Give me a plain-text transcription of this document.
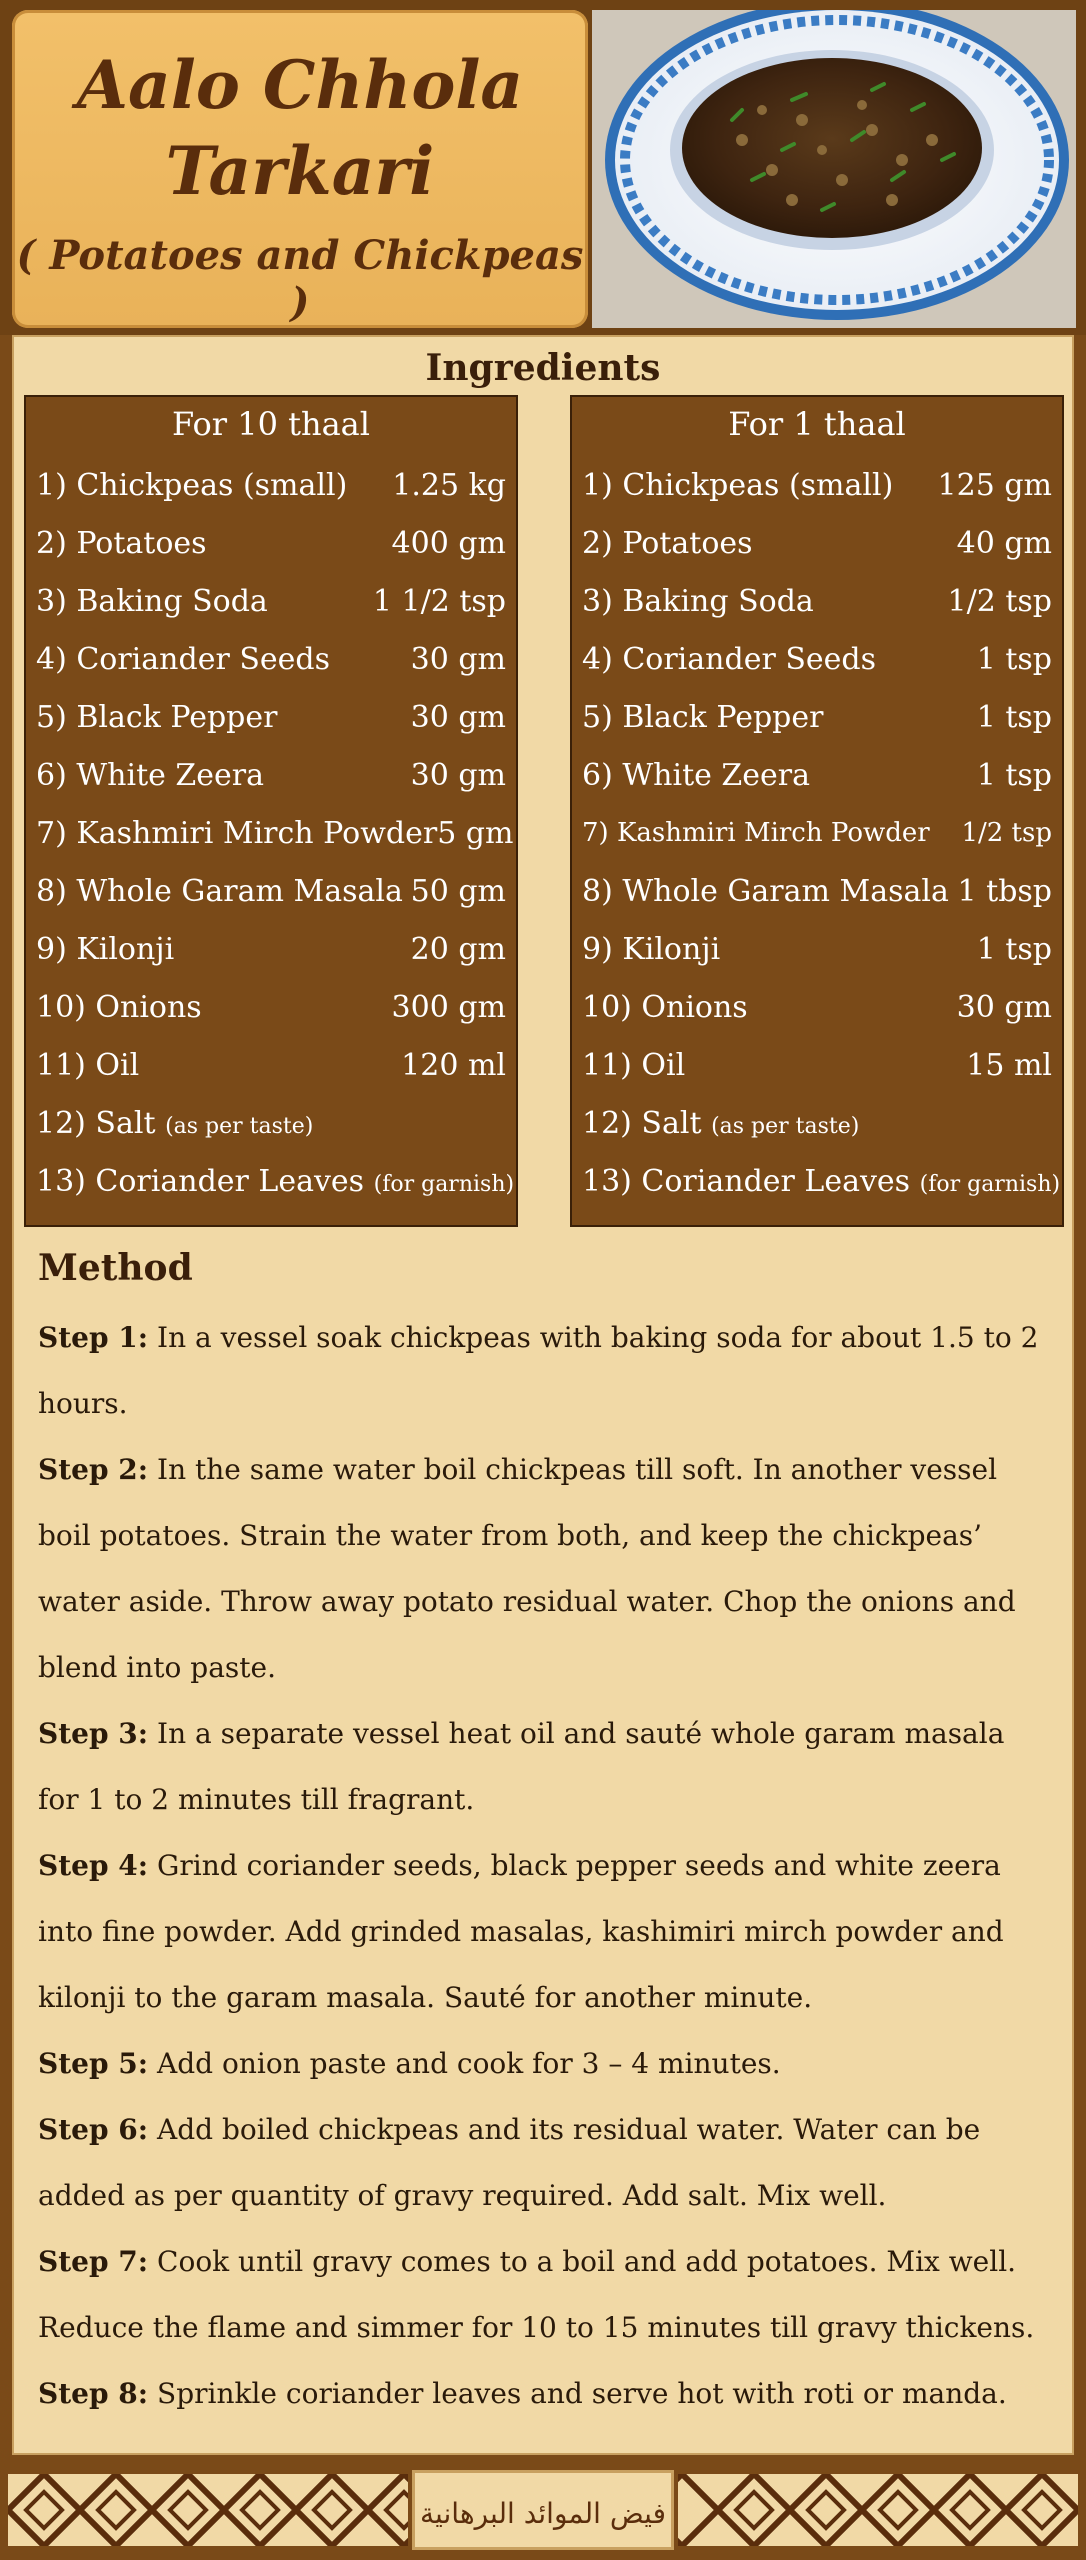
Aalo Chhola
Tarkari
( Potatoes and Chickpeas )
Ingredients
For 10 thaal
1) Chickpeas (small) 1.25 kg
2) Potatoes	400 gm
3) Baking Soda	1 1/2 tsp
4) Coriander Seeds	30 gm
5) Black Pepper	30 gm
6) White Zeera	30 gm
7) Kashmiri Mirch Powder 5 gm
8) Whole Garam Masala 50 gm
9) Kilonji	20 gm
10) Onions	300 gm
11) Oil	120 ml
12) Salt (as per taste)
13) Coriander Leaves (for garnish)
For 1 thaal
1) Chickpeas (small) 125 gm
2) Potatoes	40 gm
3) Baking Soda	1/2 tsp
4) Coriander Seeds	1 tsp
5) Black Pepper	1 tsp
6) White Zeera	1 tsp
7) Kashmiri Mirch Powder 1/2 tsp
8) Whole Garam Masala 1 tbsp
9) Kilonji	1 tsp
10) Onions	30 gm
11) Oil	15 ml
12) Salt (as per taste)
13) Coriander Leaves (for garnish)
Method

Step 1: In a vessel soak chickpeas with baking soda for about 1.5 to 2 hours.

Step 2: In the same water boil chickpeas till soft. In another vessel boil potatoes. Strain the water from both, and keep the chickpeas’ water aside. Throw away potato residual water. Chop the onions and blend into paste.

Step 3: In a separate vessel heat oil and sauté whole garam masala for 1 to 2 minutes till fragrant.

Step 4: Grind coriander seeds, black pepper seeds and white zeera into fine powder. Add grinded masalas, kashimiri mirch powder and kilonji to the garam masala. Sauté for another minute.

Step 5: Add onion paste and cook for 3 – 4 minutes.

Step 6: Add boiled chickpeas and its residual water. Water can be added as per quantity of gravy required. Add salt. Mix well.

Step 7: Cook until gravy comes to a boil and add potatoes. Mix well. Reduce the flame and simmer for 10 to 15 minutes till gravy thickens.

Step 8: Sprinkle coriander leaves and serve hot with roti or manda.

فيض الموائد البرهانية
